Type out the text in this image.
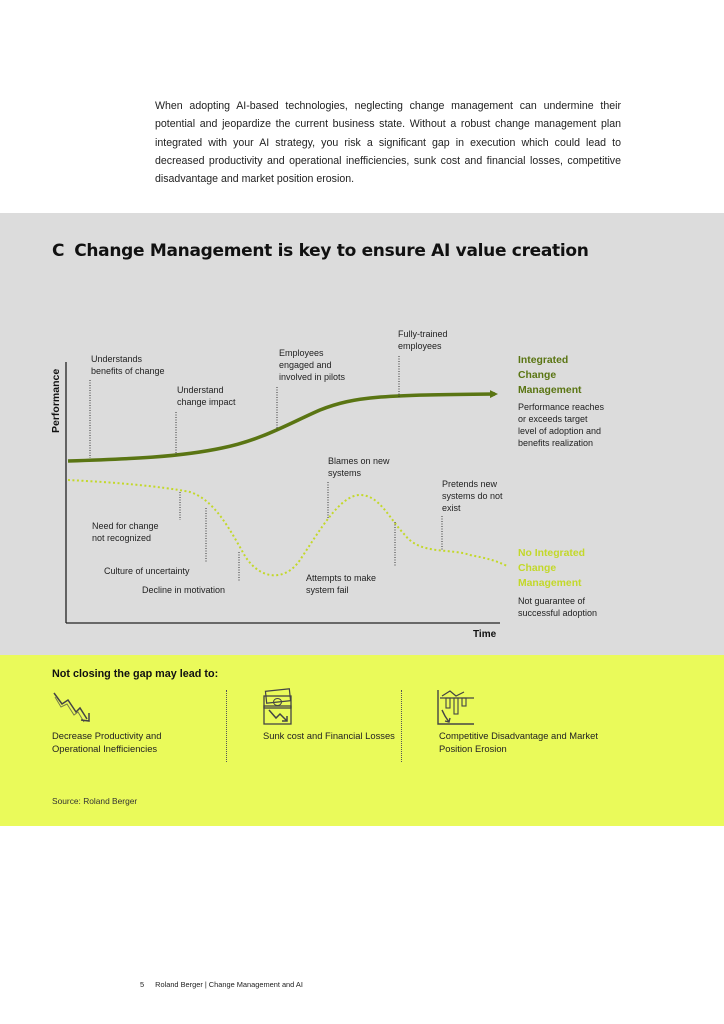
When adopting AI-based technologies, neglecting change management can undermine their potential and jeopardize the current business state. Without a robust change management plan integrated with your AI strategy, you risk a significant gap in execution which could lead to decreased productivity and operational inefficiencies, sunk cost and financial losses, competitive disadvantage and market position erosion.
C Change Management is key to ensure AI value creation
Performance
Time
Understands benefits of change
Understand change impact
Employees engaged and involved in pilots
Fully-trained employees
Integrated Change Management
Performance reaches or exceeds target level of adoption and benefits realization
Need for change not recognized
Culture of uncertainty
Decline in motivation
Attempts to make system fail
Blames on new systems
Pretends new systems do not exist
No Integrated Change Management
Not guarantee of successful adoption
Not closing the gap may lead to:
Decrease Productivity and Operational Inefficiencies
Sunk cost and Financial Losses	Competitive Disadvantage and Market Position Erosion
Source: Roland Berger
5 Roland Berger | Change Management and AI
